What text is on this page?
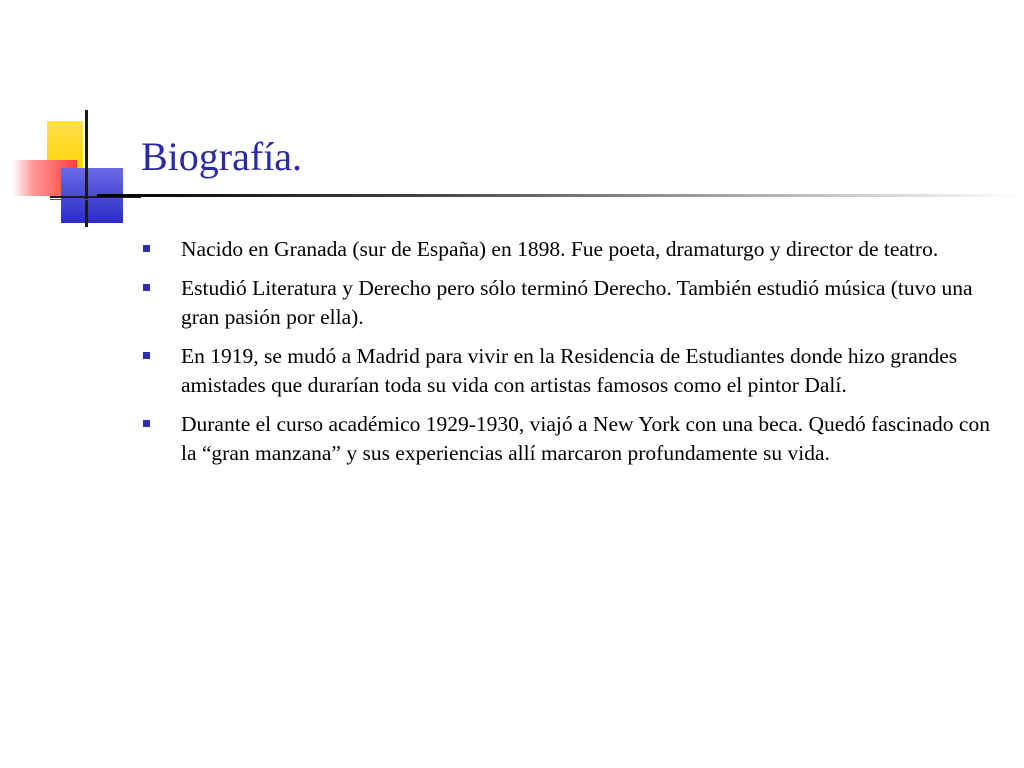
Biografía.
Nacido en Granada (sur de España) en 1898. Fue poeta, dramaturgo y director de teatro.
Estudió Literatura y Derecho pero sólo terminó Derecho. También estudió música (tuvo una gran pasión por ella).
En 1919, se mudó a Madrid para vivir en la Residencia de Estudiantes donde hizo grandes amistades que durarían toda su vida con artistas famosos como el pintor Dalí.
Durante el curso académico 1929-1930, viajó a New York con una beca. Quedó fascinado con la “gran manzana” y sus experiencias allí marcaron profundamente su vida.
